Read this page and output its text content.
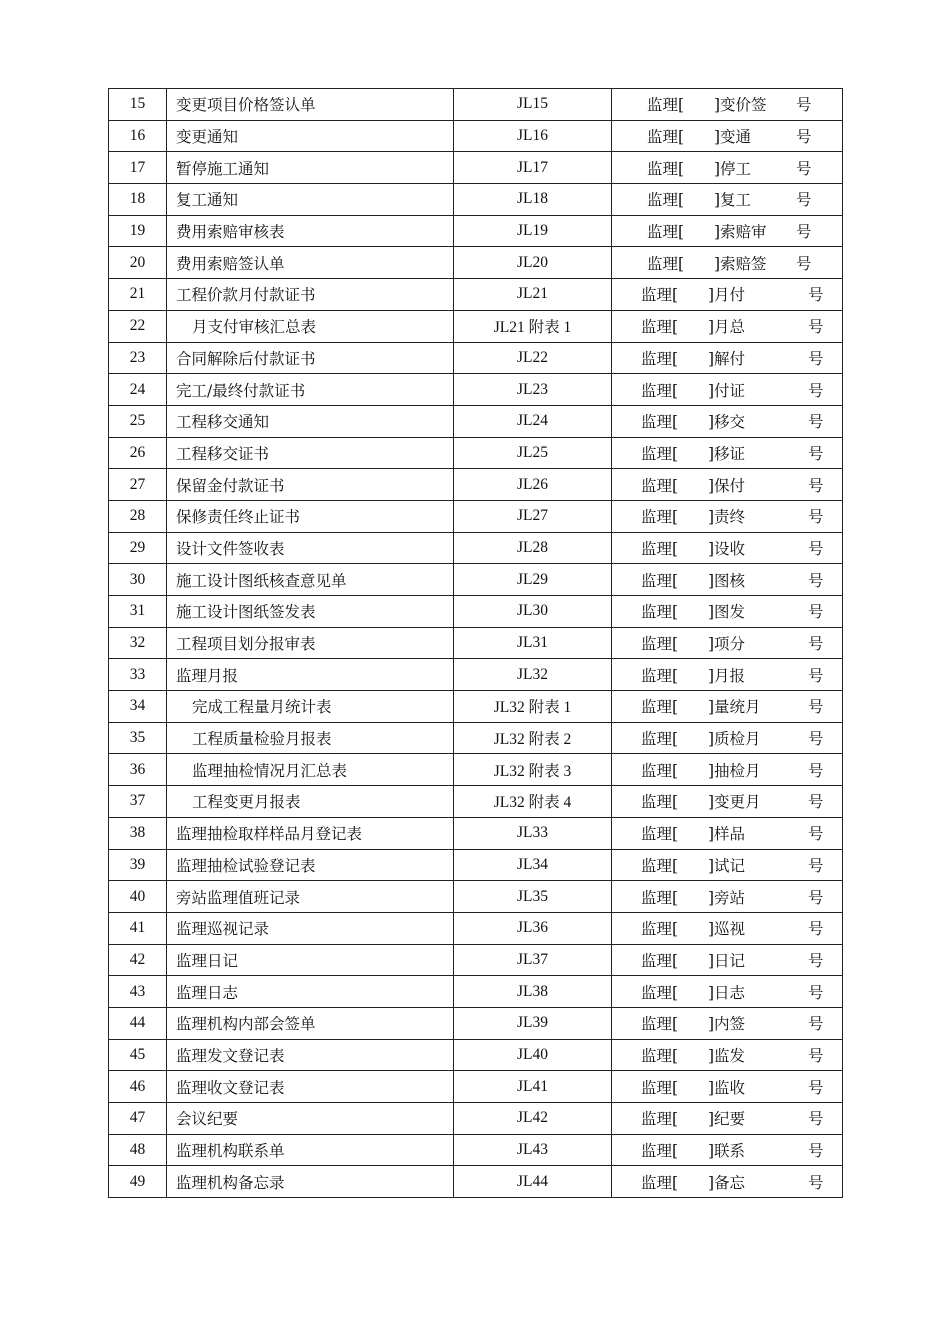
15	变更项目价格签认单	JL15	监理[ ]变价签 号

16	变更通知	JL16	监理[ ]变通 号

17	暂停施工通知	JL17	监理[ ]停工 号

18	复工通知	JL18	监理[ ]复工 号

19	费用索赔审核表	JL19	监理[ ]索赔审 号

20	费用索赔签认单	JL20	监理[ ]索赔签 号

21	工程价款月付款证书	JL21	监理[ ]月付 号

22	月支付审核汇总表	JL21 附表 1	监理[ ]月总 号

23	合同解除后付款证书	JL22	监理[ ]解付 号

24	完工/最终付款证书	JL23	监理[ ]付证 号

25	工程移交通知	JL24	监理[ ]移交 号

26	工程移交证书	JL25	监理[ ]移证 号

27	保留金付款证书	JL26	监理[ ]保付 号

28	保修责任终止证书	JL27	监理[ ]责终 号

29	设计文件签收表	JL28	监理[ ]设收 号

30	施工设计图纸核查意见单	JL29	监理[ ]图核 号

31	施工设计图纸签发表	JL30	监理[ ]图发 号

32	工程项目划分报审表	JL31	监理[ ]项分 号

33	监理月报	JL32	监理[ ]月报 号

34	完成工程量月统计表	JL32 附表 1	监理[ ]量统月 号

35	工程质量检验月报表	JL32 附表 2	监理[ ]质检月 号

36	监理抽检情况月汇总表	JL32 附表 3	监理[ ]抽检月 号

37	工程变更月报表	JL32 附表 4	监理[ ]变更月 号

38	监理抽检取样样品月登记表	JL33	监理[ ]样品 号

39	监理抽检试验登记表	JL34	监理[ ]试记 号

40	旁站监理值班记录	JL35	监理[ ]旁站 号

41	监理巡视记录	JL36	监理[ ]巡视 号

42	监理日记	JL37	监理[ ]日记 号

43	监理日志	JL38	监理[ ]日志 号

44	监理机构内部会签单	JL39	监理[ ]内签 号

45	监理发文登记表	JL40	监理[ ]监发 号

46	监理收文登记表	JL41	监理[ ]监收 号

47	会议纪要	JL42	监理[ ]纪要 号

48	监理机构联系单	JL43	监理[ ]联系 号

49	监理机构备忘录	JL44	监理[ ]备忘 号
